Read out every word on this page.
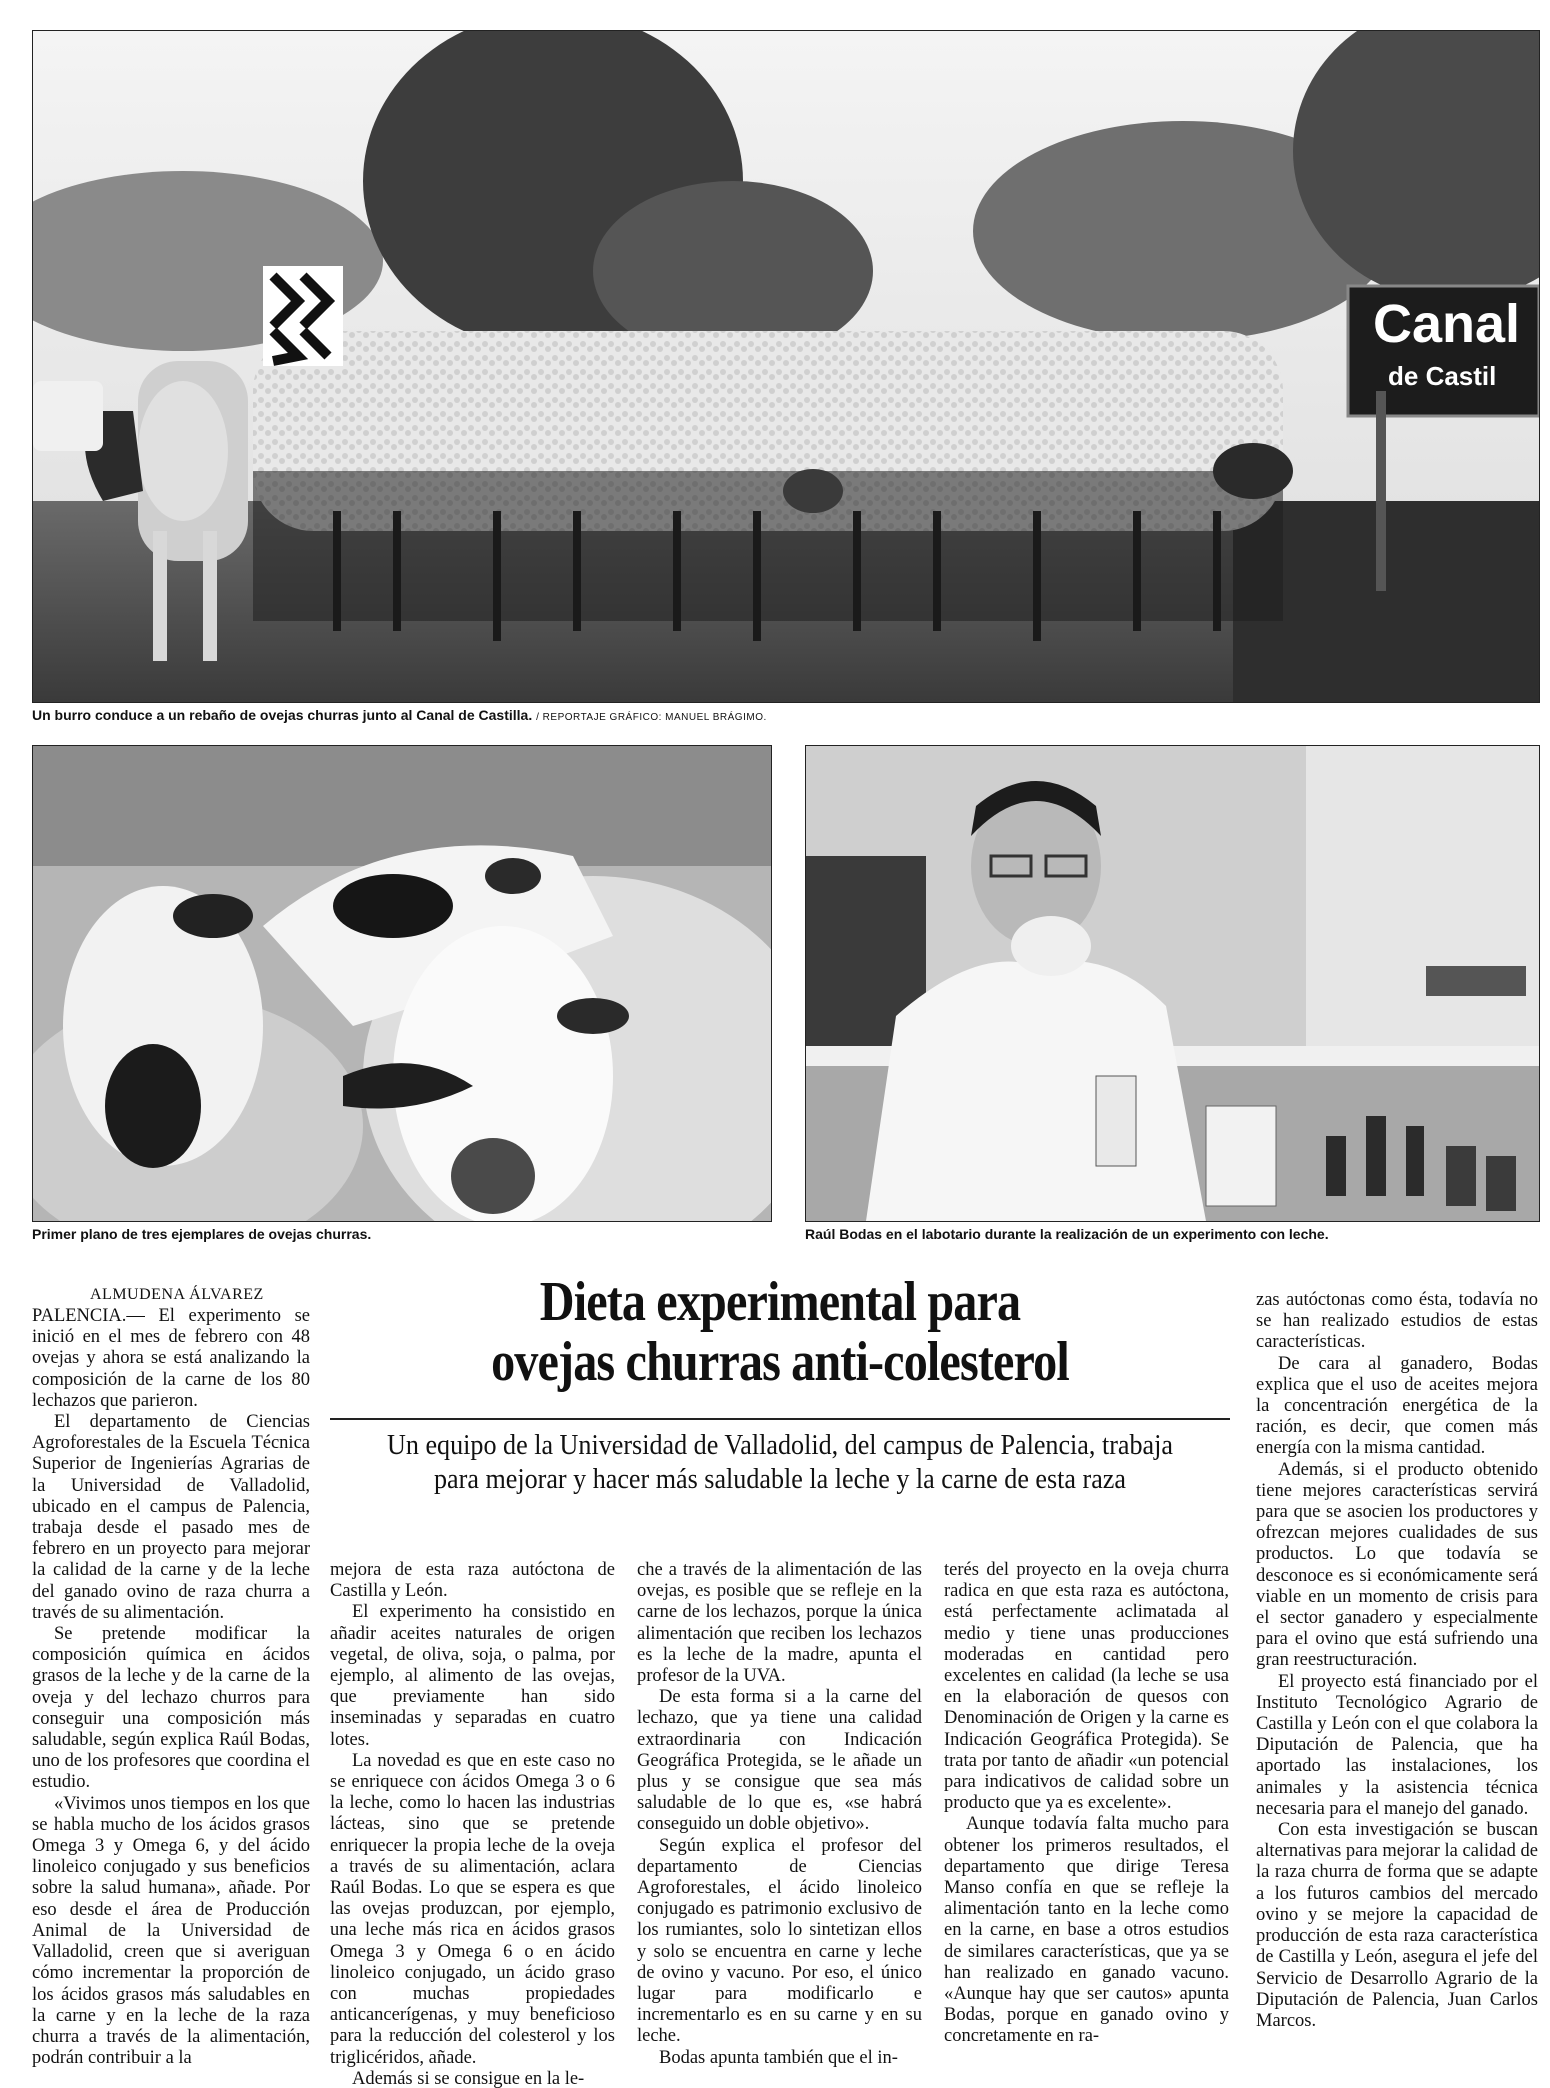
Canal
de Castil
Un burro conduce a un rebaño de ovejas churras junto al Canal de Castilla. / REPORTAJE GRÁFICO: MANUEL BRÁGIMO.
Primer plano de tres ejemplares de ovejas churras.	Raúl Bodas en el labotario durante la realización de un experimento con leche.
ALMUDENA ÁLVAREZ

PALENCIA.— El experimento se inició en el mes de febrero con 48 ovejas y ahora se está analizando la composición de la carne de los 80 lechazos que parieron.

El departamento de Ciencias Agroforestales de la Escuela Técnica Superior de Ingenierías Agrarias de la Universidad de Valladolid, ubicado en el campus de Palencia, trabaja desde el pasado mes de febrero en un proyecto para mejorar la calidad de la carne y de la leche del ganado ovino de raza churra a través de su alimentación.

Se pretende modificar la composición química en ácidos grasos de la leche y de la carne de la oveja y del lechazo churros para conseguir una composición más saludable, según explica Raúl Bodas, uno de los profesores que coordina el estudio.

«Vivimos unos tiempos en los que se habla mucho de los ácidos grasos Omega 3 y Omega 6, y del ácido linoleico conjugado y sus beneficios sobre la salud humana», añade. Por eso desde el área de Producción Animal de la Universidad de Valladolid, creen que si averiguan cómo incrementar la proporción de los ácidos grasos más saludables en la carne y en la leche de la raza churra a través de la alimentación, podrán contribuir a la

Dieta experimental para
ovejas churras anti-colesterol
Un equipo de la Universidad de Valladolid, del campus de Palencia, trabaja
para mejorar y hacer más saludable la leche y la carne de esta raza

mejora de esta raza autóctona de Castilla y León.

El experimento ha consistido en añadir aceites naturales de origen vegetal, de oliva, soja, o palma, por ejemplo, al alimento de las ovejas, que previamente han sido inseminadas y separadas en cuatro lotes.

La novedad es que en este caso no se enriquece con ácidos Omega 3 o 6 la leche, como lo hacen las industrias lácteas, sino que se pretende enriquecer la propia leche de la oveja a través de su alimentación, aclara Raúl Bodas. Lo que se espera es que las ovejas produzcan, por ejemplo, una leche más rica en ácidos grasos Omega 3 y Omega 6 o en ácido linoleico conjugado, un ácido graso con muchas propiedades anticancerígenas, y muy beneficioso para la reducción del colesterol y los triglicéridos, añade.

Además si se consigue en la le-

che a través de la alimentación de las ovejas, es posible que se refleje en la carne de los lechazos, porque la única alimentación que reciben los lechazos es la leche de la madre, apunta el profesor de la UVA.

De esta forma si a la carne del lechazo, que ya tiene una calidad extraordinaria con Indicación Geográfica Protegida, se le añade un plus y se consigue que sea más saludable de lo que es, «se habrá conseguido un doble objetivo».

Según explica el profesor del departamento de Ciencias Agroforestales, el ácido linoleico conjugado es patrimonio exclusivo de los rumiantes, solo lo sintetizan ellos y solo se encuentra en carne y leche de ovino y vacuno. Por eso, el único lugar para modificarlo e incrementarlo es en su carne y en su leche.

Bodas apunta también que el in-

terés del proyecto en la oveja churra radica en que esta raza es autóctona, está perfectamente aclimatada al medio y tiene unas producciones moderadas en cantidad pero excelentes en calidad (la leche se usa en la elaboración de quesos con Denominación de Origen y la carne es Indicación Geográfica Protegida). Se trata por tanto de añadir «un potencial para indicativos de calidad sobre un producto que ya es excelente».

Aunque todavía falta mucho para obtener los primeros resultados, el departamento que dirige Teresa Manso confía en que se refleje la alimentación tanto en la leche como en la carne, en base a otros estudios de similares características, que ya se han realizado en ganado vacuno. «Aunque hay que ser cautos» apunta Bodas, porque en ganado ovino y concretamente en ra-

zas autóctonas como ésta, todavía no se han realizado estudios de estas características.

De cara al ganadero, Bodas explica que el uso de aceites mejora la concentración energética de la ración, es decir, que comen más energía con la misma cantidad.

Además, si el producto obtenido tiene mejores características servirá para que se asocien los productores y ofrezcan mejores cualidades de sus productos. Lo que todavía se desconoce es si económicamente será viable en un momento de crisis para el sector ganadero y especialmente para el ovino que está sufriendo una gran reestructuración.

El proyecto está financiado por el Instituto Tecnológico Agrario de Castilla y León con el que colabora la Diputación de Palencia, que ha aportado las instalaciones, los animales y la asistencia técnica necesaria para el manejo del ganado.

Con esta investigación se buscan alternativas para mejorar la calidad de la raza churra de forma que se adapte a los futuros cambios del mercado ovino y se mejore la capacidad de producción de esta raza característica de Castilla y León, asegura el jefe del Servicio de Desarrollo Agrario de la Diputación de Palencia, Juan Carlos Marcos.
